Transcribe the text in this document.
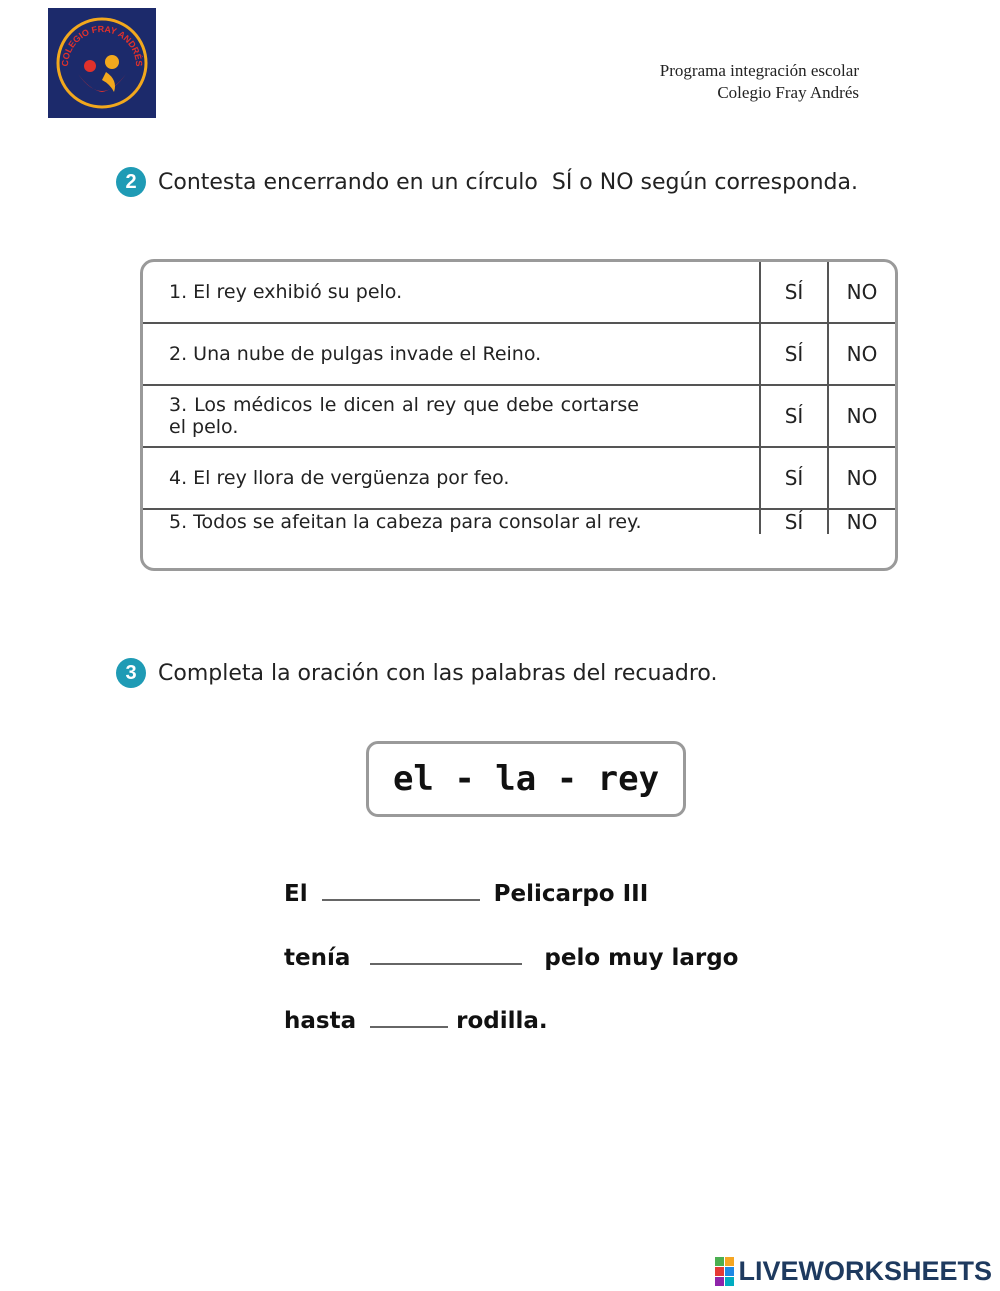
COLEGIO FRAY ANDRÉS	Programa integración escolar
Colegio Fray Andrés
2 Contesta encerrando en un círculo  SÍ o NO según corresponda.
1. El rey exhibió su pelo.	SÍ	NO
2. Una nube de pulgas invade el Reino.	SÍ	NO
3. Los médicos le dicen al rey que debe cortarse el pelo.	SÍ	NO
4. El rey llora de vergüenza por feo.	SÍ	NO
5. Todos se afeitan la cabeza para consolar al rey.	SÍ	NO
3 Completa la oración con las palabras del recuadro.
el - la - rey
El	Pelicarpo III
tenía	pelo muy largo
hasta	rodilla.
LIVEWORKSHEETS
